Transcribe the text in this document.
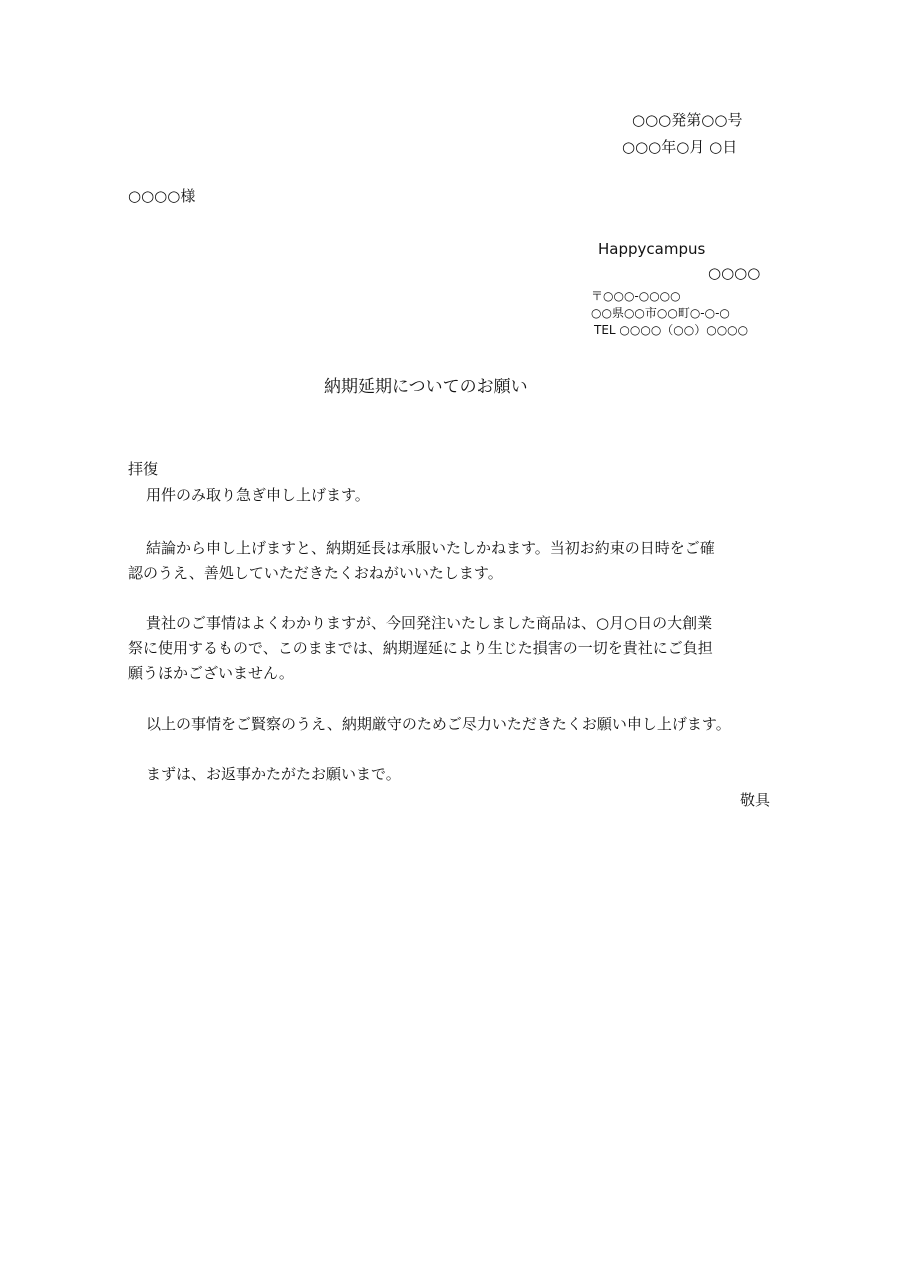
○○○発第○○号
○○○年○月 ○日
○○○○様
Happycampus
○○○○
〒○○○-○○○○
○○県○○市○○町○-○-○
TEL ○○○○（○○）○○○○
納期延期についてのお願い
拝復
用件のみ取り急ぎ申し上げます。
結論から申し上げますと、納期延長は承服いたしかねます。当初お約束の日時をご確
認のうえ、善処していただきたくおねがいいたします。
貴社のご事情はよくわかりますが、今回発注いたしました商品は、○月○日の大創業
祭に使用するもので、このままでは、納期遅延により生じた損害の一切を貴社にご負担
願うほかございません。
以上の事情をご賢察のうえ、納期厳守のためご尽力いただきたくお願い申し上げます。
まずは、お返事かたがたお願いまで。
敬具
